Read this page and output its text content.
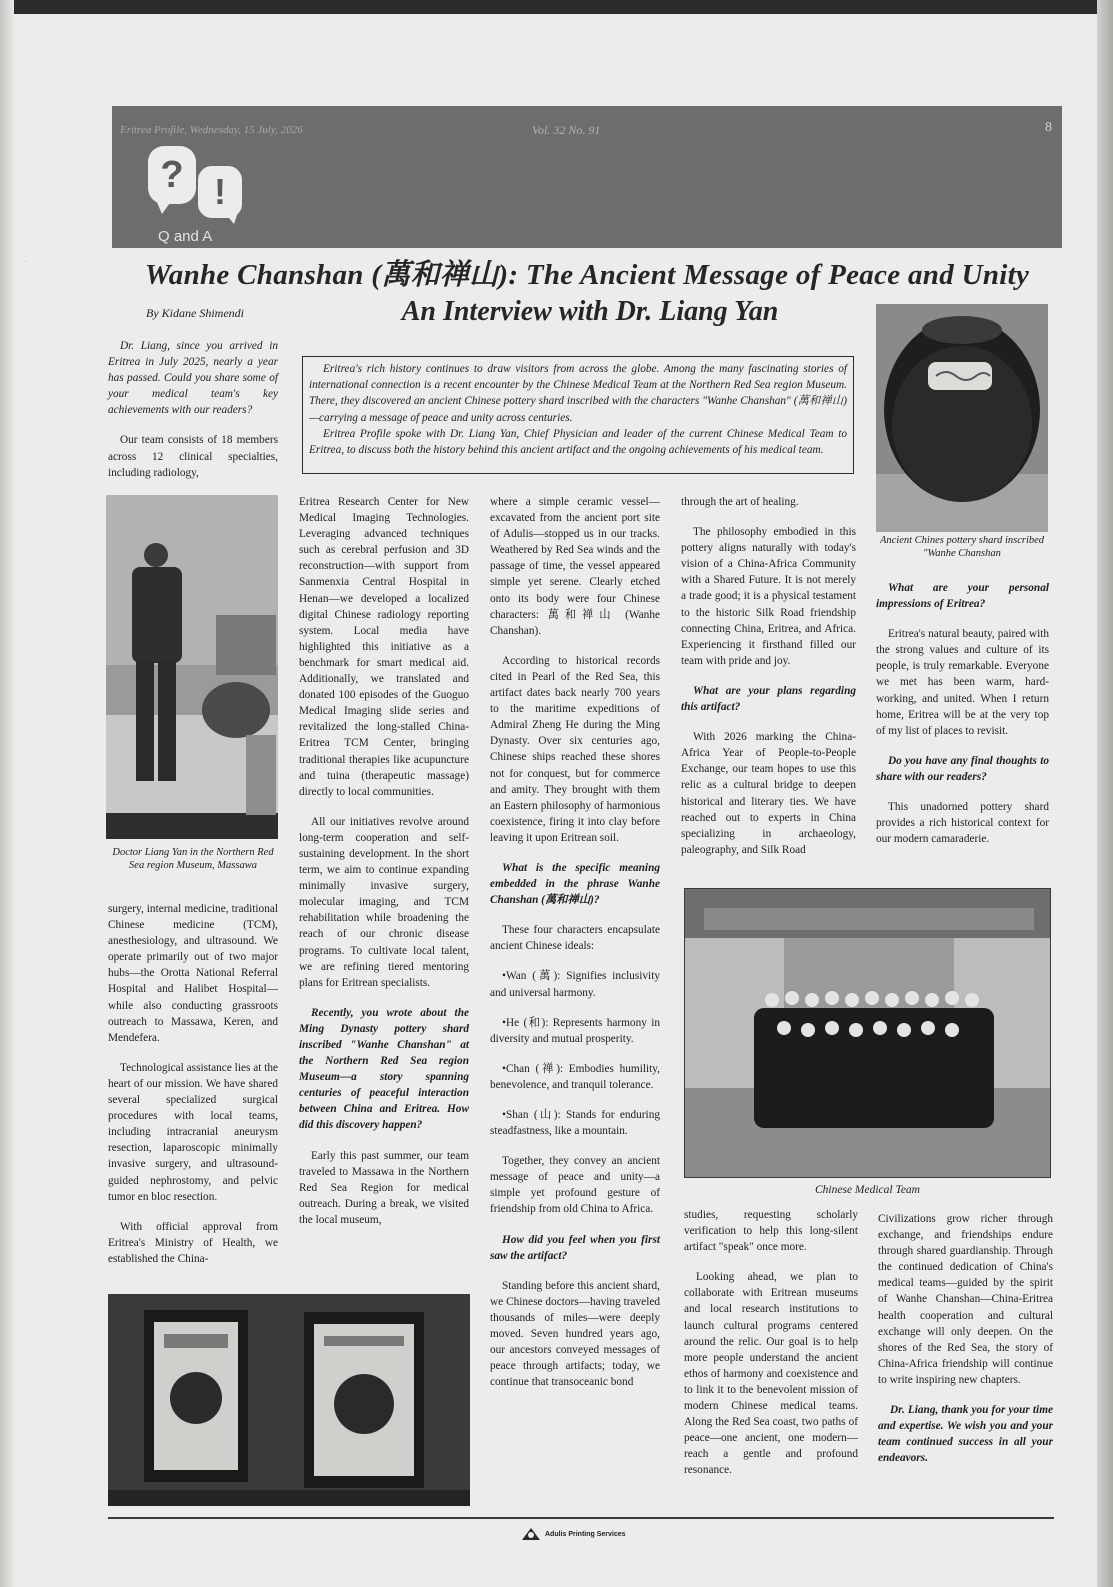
·
Eritrea Profile, Wednesday, 15 July, 2026	Vol. 32 No. 91	8
? !
Q and A
Wanhe Chanshan (萬和禅山): The Ancient Message of Peace and Unity
An Interview with Dr. Liang Yan
By Kidane Shimendi

Eritrea's rich history continues to draw visitors from across the globe. Among the many fascinating stories of international connection is a recent encounter by the Chinese Medical Team at the Northern Red Sea region Museum. There, they discovered an ancient Chinese pottery shard inscribed with the characters "Wanhe Chanshan" (萬和禅山)—carrying a message of peace and unity across centuries.

Eritrea Profile spoke with Dr. Liang Yan, Chief Physician and leader of the current Chinese Medical Team to Eritrea, to discuss both the history behind this ancient artifact and the ongoing achievements of his medical team.

Dr. Liang, since you arrived in Eritrea in July 2025, nearly a year has passed. Could you share some of your medical team's key achievements with our readers?

Our team consists of 18 members across 12 clinical specialties, including radiology,

Doctor Liang Yan in the Northern Red Sea region Museum, Massawa

surgery, internal medicine, traditional Chinese medicine (TCM), anesthesiology, and ultrasound. We operate primarily out of two major hubs—the Orotta National Referral Hospital and Halibet Hospital—while also conducting grassroots outreach to Massawa, Keren, and Mendefera.

Technological assistance lies at the heart of our mission. We have shared several specialized surgical procedures with local teams, including intracranial aneurysm resection, laparoscopic minimally invasive surgery, and ultrasound-guided nephrostomy, and pelvic tumor en bloc resection.

With official approval from Eritrea's Ministry of Health, we established the China-

Eritrea Research Center for New Medical Imaging Technologies. Leveraging advanced techniques such as cerebral perfusion and 3D reconstruction—with support from Sanmenxia Central Hospital in Henan—we developed a localized digital Chinese radiology reporting system. Local media have highlighted this initiative as a benchmark for smart medical aid. Additionally, we translated and donated 100 episodes of the Guoguo Medical Imaging slide series and revitalized the long-stalled China-Eritrea TCM Center, bringing traditional therapies like acupuncture and tuina (therapeutic massage) directly to local communities.

All our initiatives revolve around long-term cooperation and self-sustaining development. In the short term, we aim to continue expanding minimally invasive surgery, molecular imaging, and TCM rehabilitation while broadening the reach of our chronic disease programs. To cultivate local talent, we are refining tiered mentoring plans for Eritrean specialists.

Recently, you wrote about the Ming Dynasty pottery shard inscribed "Wanhe Chanshan" at the Northern Red Sea region Museum—a story spanning centuries of peaceful interaction between China and Eritrea. How did this discovery happen?

Early this past summer, our team traveled to Massawa in the Northern Red Sea Region for medical outreach. During a break, we visited the local museum,

where a simple ceramic vessel—excavated from the ancient port site of Adulis—stopped us in our tracks. Weathered by Red Sea winds and the passage of time, the vessel appeared simple yet serene. Clearly etched onto its body were four Chinese characters: 萬和禅山 (Wanhe Chanshan).

According to historical records cited in Pearl of the Red Sea, this artifact dates back nearly 700 years to the maritime expeditions of Admiral Zheng He during the Ming Dynasty. Over six centuries ago, Chinese ships reached these shores not for conquest, but for commerce and amity. They brought with them an Eastern philosophy of harmonious coexistence, firing it into clay before leaving it upon Eritrean soil.

What is the specific meaning embedded in the phrase Wanhe Chanshan (萬和禅山)?

These four characters encapsulate ancient Chinese ideals:

•Wan (萬): Signifies inclusivity and universal harmony.

•He (和): Represents harmony in diversity and mutual prosperity.

•Chan (禅): Embodies humility, benevolence, and tranquil tolerance.

•Shan (山): Stands for enduring steadfastness, like a mountain.

Together, they convey an ancient message of peace and unity—a simple yet profound gesture of friendship from old China to Africa.

How did you feel when you first saw the artifact?

Standing before this ancient shard, we Chinese doctors—having traveled thousands of miles—were deeply moved. Seven hundred years ago, our ancestors conveyed messages of peace through artifacts; today, we continue that transoceanic bond

through the art of healing.

The philosophy embodied in this pottery aligns naturally with today's vision of a China-Africa Community with a Shared Future. It is not merely a trade good; it is a physical testament to the historic Silk Road friendship connecting China, Eritrea, and Africa. Experiencing it firsthand filled our team with pride and joy.

What are your plans regarding this artifact?

With 2026 marking the China-Africa Year of People-to-People Exchange, our team hopes to use this relic as a cultural bridge to deepen historical and literary ties. We have reached out to experts in China specializing in archaeology, paleography, and Silk Road

Chinese Medical Team

studies, requesting scholarly verification to help this long-silent artifact "speak" once more.

Looking ahead, we plan to collaborate with Eritrean museums and local research institutions to launch cultural programs centered around the relic. Our goal is to help more people understand the ancient ethos of harmony and coexistence and to link it to the benevolent mission of modern Chinese medical teams. Along the Red Sea coast, two paths of peace—one ancient, one modern—reach a gentle and profound resonance.

Ancient Chines pottery shard inscribed "Wanhe Chanshan

What are your personal impressions of Eritrea?

Eritrea's natural beauty, paired with the strong values and culture of its people, is truly remarkable. Everyone we met has been warm, hard-working, and united. When I return home, Eritrea will be at the very top of my list of places to revisit.

Do you have any final thoughts to share with our readers?

This unadorned pottery shard provides a rich historical context for our modern camaraderie.

Civilizations grow richer through exchange, and friendships endure through shared guardianship. Through the continued dedication of China's medical teams—guided by the spirit of Wanhe Chanshan—China-Eritrea health cooperation and cultural exchange will only deepen. On the shores of the Red Sea, the story of China-Africa friendship will continue to write inspiring new chapters.

Dr. Liang, thank you for your time and expertise. We wish you and your team continued success in all your endeavors.

Adulis Printing Services
